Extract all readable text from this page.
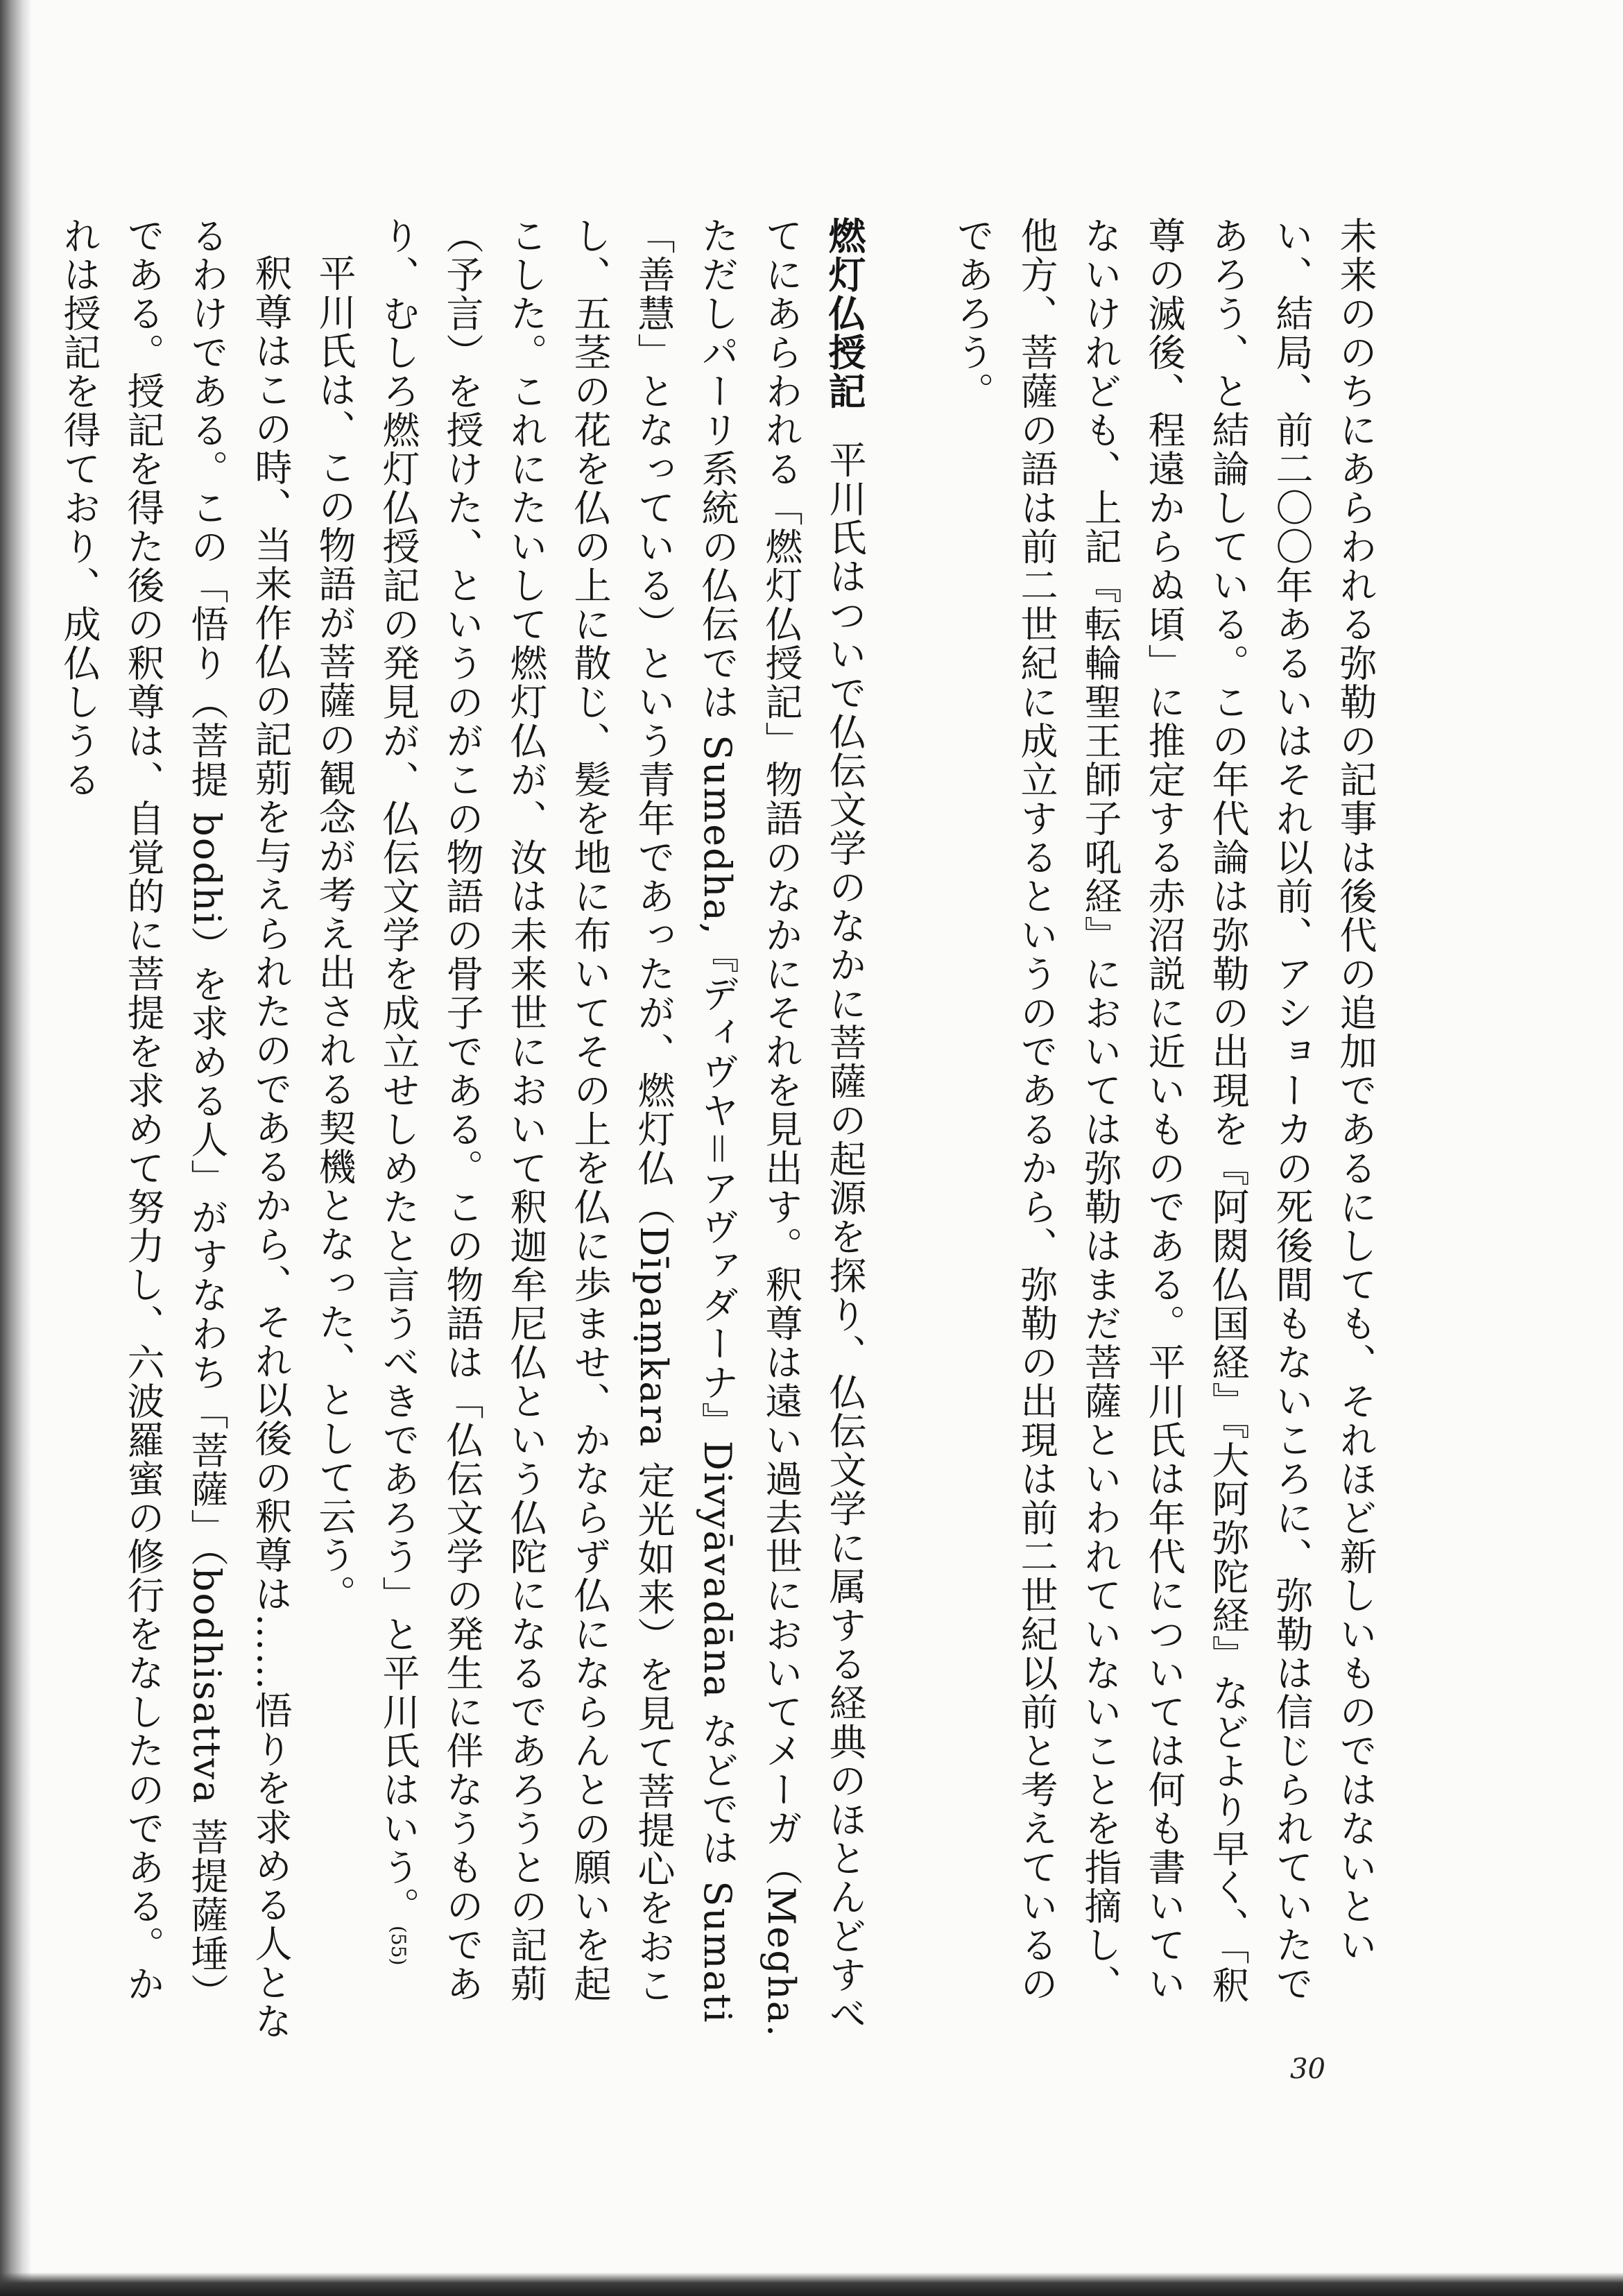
未来ののちにあらわれる弥勒の記事は後代の追加であるにしても、それほど新しいものではないといい、結局、前二〇〇年あるいはそれ以前、アショーカの死後間もないころに、弥勒は信じられていたであろう、と結論している。この年代論は弥勒の出現を『阿閦仏国経』『大阿弥陀経』などより早く、「釈尊の滅後、程遠からぬ頃」に推定する赤沼説に近いものである。平川氏は年代については何も書いていないけれども、上記『転輪聖王師子吼経』においては弥勒はまだ菩薩といわれていないことを指摘し、他方、菩薩の語は前二世紀に成立するというのであるから、弥勒の出現は前二世紀以前と考えているのであろう。

燃灯仏授記平川氏はついで仏伝文学のなかに菩薩の起源を探り、仏伝文学に属する経典のほとんどすべてにあらわれる「燃灯仏授記」物語のなかにそれを見出す。釈尊は遠い過去世においてメーガ（Megha. ただしパーリ系統の仏伝では Sumedha,『ディヴヤ＝アヴァダーナ』Divyāvadāna などでは Sumati「善慧」となっている）という青年であったが、燃灯仏（Dīpaṃkara 定光如来）を見て菩提心をおこし、五茎の花を仏の上に散じ、髪を地に布いてその上を仏に歩ませ、かならず仏にならんとの願いを起こした。これにたいして燃灯仏が、汝は未来世において釈迦牟尼仏という仏陀になるであろうとの記莂（予言）を授けた、というのがこの物語の骨子である。この物語は「仏伝文学の発生に伴なうものであり、むしろ燃灯仏授記の発見が、仏伝文学を成立せしめたと言うべきであろう」と平川氏はいう。(55)

平川氏は、この物語が菩薩の観念が考え出される契機となった、として云う。

釈尊はこの時、当来作仏の記莂を与えられたのであるから、それ以後の釈尊は……悟りを求める人となるわけである。この「悟り（菩提 bodhi）を求める人」がすなわち「菩薩」（bodhisattva 菩提薩埵）である。授記を得た後の釈尊は、自覚的に菩提を求めて努力し、六波羅蜜の修行をなしたのである。かれは授記を得ており、成仏しうる

30
